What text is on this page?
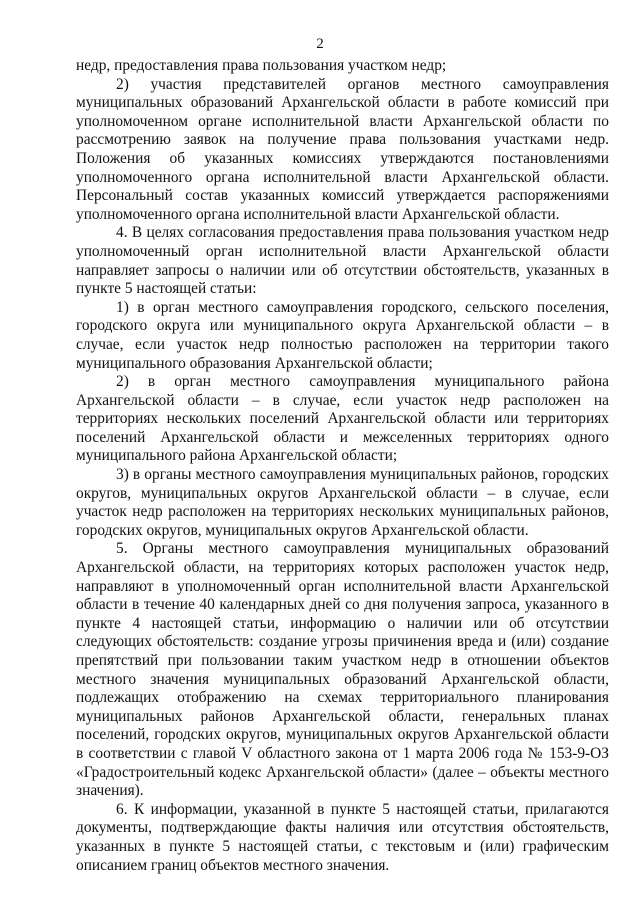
2

недр, предоставления права пользования участком недр;

2) участия представителей органов местного самоуправления муниципальных образований Архангельской области в работе комиссий при уполномоченном органе исполнительной власти Архангельской области по рассмотрению заявок на получение права пользования участками недр. Положения об указанных комиссиях утверждаются постановлениями уполномоченного органа исполнительной власти Архангельской области. Персональный состав указанных комиссий утверждается распоряжениями уполномоченного органа исполнительной власти Архангельской области.

4. В целях согласования предоставления права пользования участком недр уполномоченный орган исполнительной власти Архангельской области направляет запросы о наличии или об отсутствии обстоятельств, указанных в пункте 5 настоящей статьи:

1) в орган местного самоуправления городского, сельского поселения, городского округа или муниципального округа Архангельской области – в случае, если участок недр полностью расположен на территории такого муниципального образования Архангельской области;

2) в орган местного самоуправления муниципального района Архангельской области – в случае, если участок недр расположен на территориях нескольких поселений Архангельской области или территориях поселений Архангельской области и межселенных территориях одного муниципального района Архангельской области;

3) в органы местного самоуправления муниципальных районов, городских округов, муниципальных округов Архангельской области – в случае, если участок недр расположен на территориях нескольких муниципальных районов, городских округов, муниципальных округов Архангельской области.

5. Органы местного самоуправления муниципальных образований Архангельской области, на территориях которых расположен участок недр, направляют в уполномоченный орган исполнительной власти Архангельской области в течение 40 календарных дней со дня получения запроса, указанного в пункте 4 настоящей статьи, информацию о наличии или об отсутствии следующих обстоятельств: создание угрозы причинения вреда и (или) создание препятствий при пользовании таким участком недр в отношении объектов местного значения муниципальных образований Архангельской области, подлежащих отображению на схемах территориального планирования муниципальных районов Архангельской области, генеральных планах поселений, городских округов, муниципальных округов Архангельской области в соответствии с главой V областного закона от 1 марта 2006 года № 153-9-ОЗ «Градостроительный кодекс Архангельской области» (далее – объекты местного значения).

6. К информации, указанной в пункте 5 настоящей статьи, прилагаются документы, подтверждающие факты наличия или отсутствия обстоятельств, указанных в пункте 5 настоящей статьи, с текстовым и (или) графическим описанием границ объектов местного значения.
